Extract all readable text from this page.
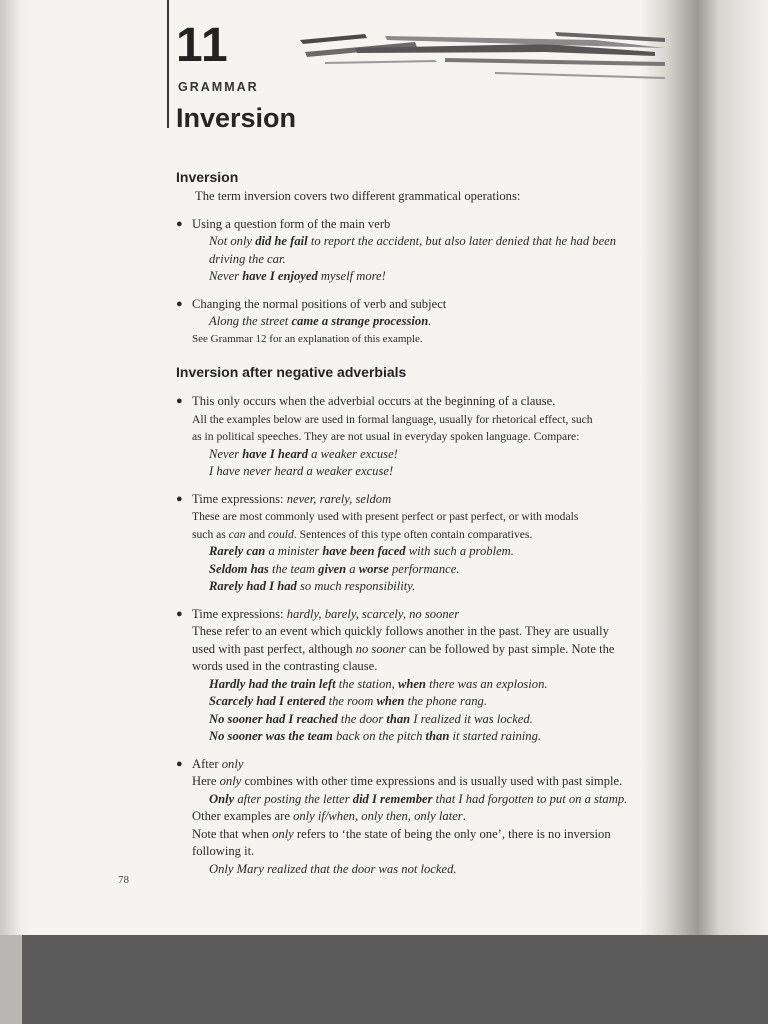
11
GRAMMAR
Inversion
Inversion

The term inversion covers two different grammatical operations:

● Using a question form of the main verb

Not only did he fail to report the accident, but also later denied that he had been

driving the car.

Never have I enjoyed myself more!

● Changing the normal positions of verb and subject

Along the street came a strange procession.

See Grammar 12 for an explanation of this example.

Inversion after negative adverbials

● This only occurs when the adverbial occurs at the beginning of a clause.

All the examples below are used in formal language, usually for rhetorical effect, such

as in political speeches. They are not usual in everyday spoken language. Compare:

Never have I heard a weaker excuse!

I have never heard a weaker excuse!

● Time expressions: never, rarely, seldom

These are most commonly used with present perfect or past perfect, or with modals

such as can and could. Sentences of this type often contain comparatives.

Rarely can a minister have been faced with such a problem.

Seldom has the team given a worse performance.

Rarely had I had so much responsibility.

● Time expressions: hardly, barely, scarcely, no sooner

These refer to an event which quickly follows another in the past. They are usually

used with past perfect, although no sooner can be followed by past simple. Note the

words used in the contrasting clause.

Hardly had the train left the station, when there was an explosion.

Scarcely had I entered the room when the phone rang.

No sooner had I reached the door than I realized it was locked.

No sooner was the team back on the pitch than it started raining.

● After only

Here only combines with other time expressions and is usually used with past simple.

Only after posting the letter did I remember that I had forgotten to put on a stamp.

Other examples are only if/when, only then, only later.

Note that when only refers to ‘the state of being the only one’, there is no inversion

following it.

Only Mary realized that the door was not locked.

78
